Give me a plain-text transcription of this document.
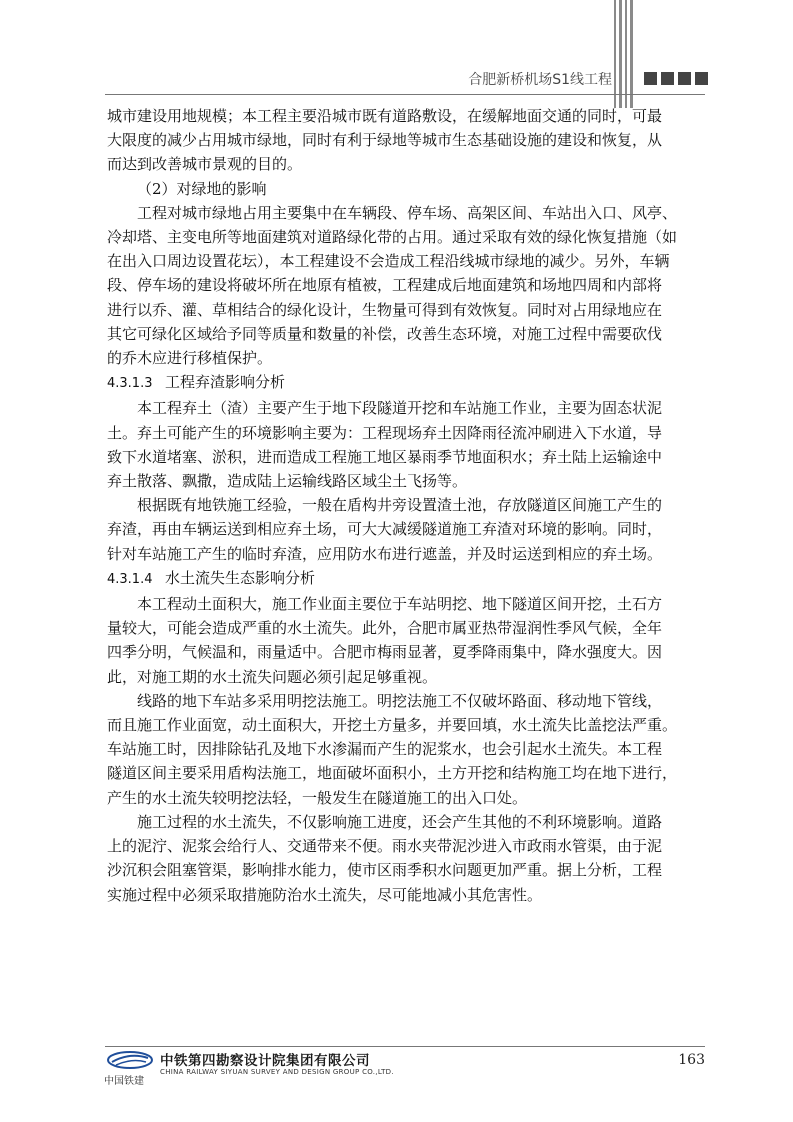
合肥新桥机场S1线工程

城市建设用地规模；本工程主要沿城市既有道路敷设，在缓解地面交通的同时，可最
大限度的减少占用城市绿地，同时有利于绿地等城市生态基础设施的建设和恢复，从
而达到改善城市景观的目的。

（2）对绿地的影响

工程对城市绿地占用主要集中在车辆段、停车场、高架区间、车站出入口、风亭、
冷却塔、主变电所等地面建筑对道路绿化带的占用。通过采取有效的绿化恢复措施（如
在出入口周边设置花坛），本工程建设不会造成工程沿线城市绿地的减少。另外，车辆
段、停车场的建设将破坏所在地原有植被，工程建成后地面建筑和场地四周和内部将
进行以乔、灌、草相结合的绿化设计，生物量可得到有效恢复。同时对占用绿地应在
其它可绿化区域给予同等质量和数量的补偿，改善生态环境，对施工过程中需要砍伐
的乔木应进行移植保护。

4.3.1.3 工程弃渣影响分析

本工程弃土（渣）主要产生于地下段隧道开挖和车站施工作业，主要为固态状泥
土。弃土可能产生的环境影响主要为：工程现场弃土因降雨径流冲刷进入下水道，导
致下水道堵塞、淤积，进而造成工程施工地区暴雨季节地面积水；弃土陆上运输途中
弃土散落、飘撒，造成陆上运输线路区域尘土飞扬等。

根据既有地铁施工经验，一般在盾构井旁设置渣土池，存放隧道区间施工产生的
弃渣，再由车辆运送到相应弃土场，可大大减缓隧道施工弃渣对环境的影响。同时，
针对车站施工产生的临时弃渣，应用防水布进行遮盖，并及时运送到相应的弃土场。

4.3.1.4 水土流失生态影响分析

本工程动土面积大，施工作业面主要位于车站明挖、地下隧道区间开挖，土石方
量较大，可能会造成严重的水土流失。此外，合肥市属亚热带湿润性季风气候，全年
四季分明，气候温和，雨量适中。合肥市梅雨显著，夏季降雨集中，降水强度大。因
此，对施工期的水土流失问题必须引起足够重视。

线路的地下车站多采用明挖法施工。明挖法施工不仅破坏路面、移动地下管线，
而且施工作业面宽，动土面积大，开挖土方量多，并要回填，水土流失比盖挖法严重。
车站施工时，因排除钻孔及地下水渗漏而产生的泥浆水，也会引起水土流失。本工程
隧道区间主要采用盾构法施工，地面破坏面积小，土方开挖和结构施工均在地下进行，
产生的水土流失较明挖法轻，一般发生在隧道施工的出入口处。

施工过程的水土流失，不仅影响施工进度，还会产生其他的不利环境影响。道路
上的泥泞、泥浆会给行人、交通带来不便。雨水夹带泥沙进入市政雨水管渠，由于泥
沙沉积会阻塞管渠，影响排水能力，使市区雨季积水问题更加严重。据上分析，工程
实施过程中必须采取措施防治水土流失，尽可能地减小其危害性。

中国铁建
中铁第四勘察设计院集团有限公司
CHINA RAILWAY SIYUAN SURVEY AND DESIGN GROUP CO.,LTD.
163
